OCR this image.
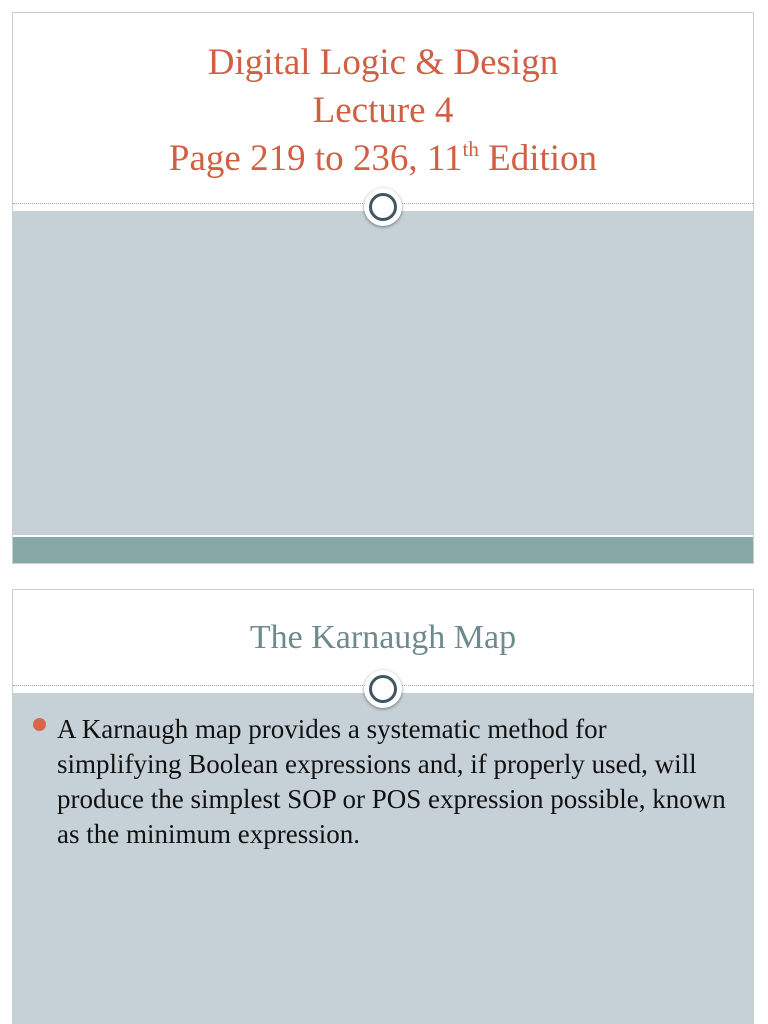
Digital Logic & Design
Lecture 4
Page 219 to 236, 11th Edition
The Karnaugh Map
A Karnaugh map provides a systematic method for simplifying Boolean expressions and, if properly used, will produce the simplest SOP or POS expression possible, known as the minimum expression.
